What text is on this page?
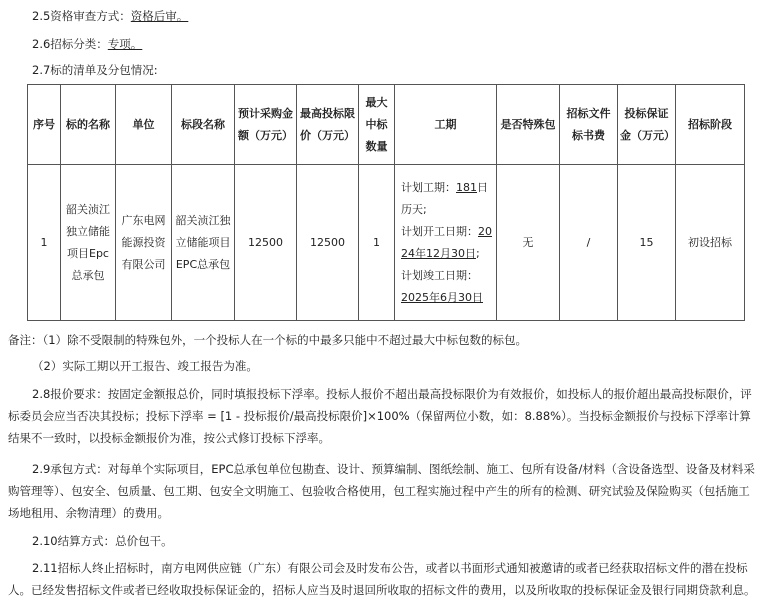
2.5资格审查方式：资格后审。
2.6招标分类：专项。
2.7标的清单及分包情况:
序号	标的名称	单位	标段名称	预计采购金额（万元）	最高投标限价（万元）	最大中标数量	工期	是否特殊包	招标文件标书费	投标保证金（万元）	招标阶段
1	韶关浈江独立储能项目Epc总承包	广东电网能源投资有限公司	韶关浈江独立储能项目EPC总承包	12500	12500	1	计划工期：181日历天;
计划开工日期：2024年12月30日;
计划竣工日期：
2025年6月30日	无	/	15	初设招标
备注：（1）除不受限制的特殊包外，一个投标人在一个标的中最多只能中不超过最大中标包数的标包。
（2）实际工期以开工报告、竣工报告为准。
2.8报价要求：按固定金额报总价，同时填报投标下浮率。投标人报价不超出最高投标限价为有效报价，如投标人的报价超出最高投标限价，评标委员会应当否决其投标；投标下浮率 = [1 - 投标报价/最高投标限价]×100%（保留两位小数，如：8.88%）。当投标金额报价与投标下浮率计算结果不一致时，以投标金额报价为准，按公式修订投标下浮率。
2.9承包方式：对每单个实际项目，EPC总承包单位包勘查、设计、预算编制、图纸绘制、施工、包所有设备/材料（含设备选型、设备及材料采购管理等）、包安全、包质量、包工期、包安全文明施工、包验收合格使用，包工程实施过程中产生的所有的检测、研究试验及保险购买（包括施工场地租用、余物清理）的费用。
2.10结算方式：总价包干。
2.11招标人终止招标时，南方电网供应链（广东）有限公司会及时发布公告，或者以书面形式通知被邀请的或者已经获取招标文件的潜在投标人。已经发售招标文件或者已经收取投标保证金的，招标人应当及时退回所收取的招标文件的费用，以及所收取的投标保证金及银行同期贷款利息。
